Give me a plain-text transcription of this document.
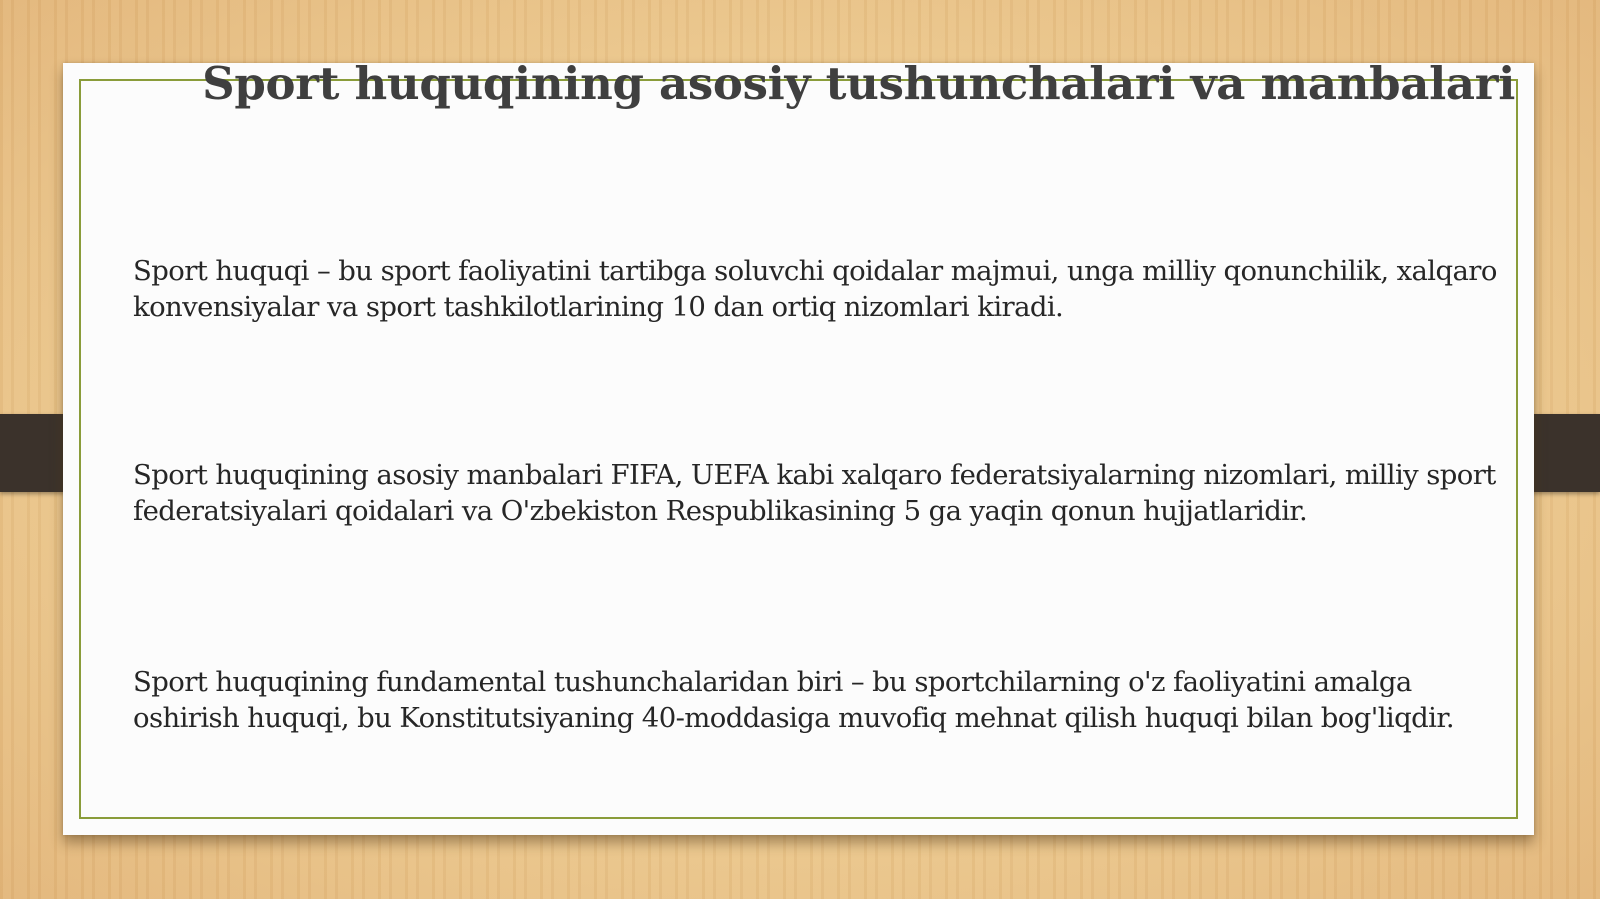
Sport huquqining asosiy tushunchalari va manbalari

Sport huquqi – bu sport faoliyatini tartibga soluvchi qoidalar majmui, unga milliy qonunchilik, xalqaro konvensiyalar va sport tashkilotlarining 10 dan ortiq nizomlari kiradi.

Sport huquqining asosiy manbalari FIFA, UEFA kabi xalqaro federatsiyalarning nizomlari, milliy sport federatsiyalari qoidalari va O'zbekiston Respublikasining 5 ga yaqin qonun hujjatlaridir.

Sport huquqining fundamental tushunchalaridan biri – bu sportchilarning o'z faoliyatini amalga oshirish huquqi, bu Konstitutsiyaning 40-moddasiga muvofiq mehnat qilish huquqi bilan bog'liqdir.
